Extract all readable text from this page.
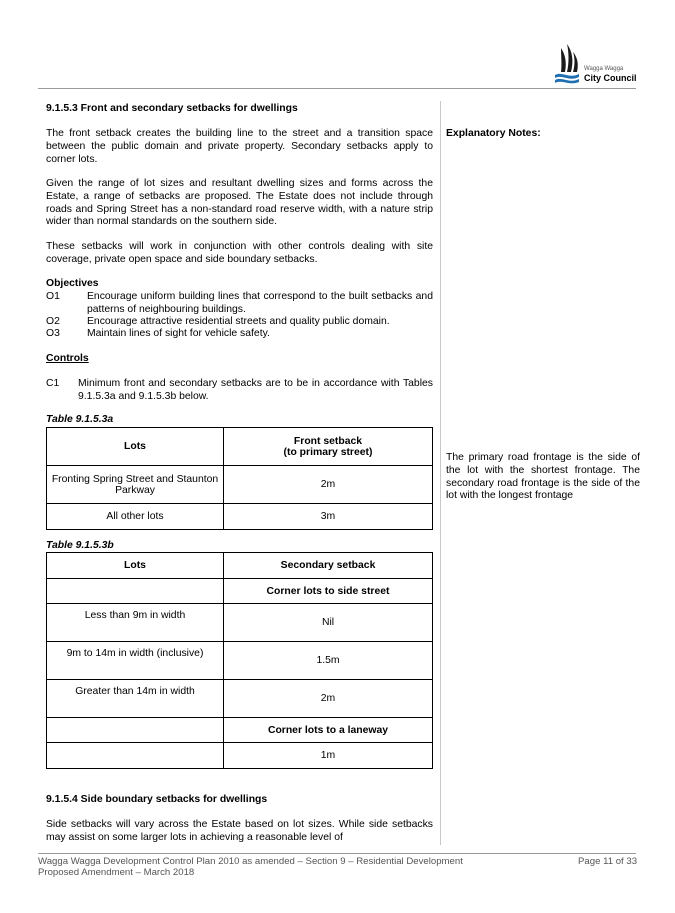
Wagga Wagga
City Council

9.1.5.3 Front and secondary setbacks for dwellings

The front setback creates the building line to the street and a transition space between the public domain and private property. Secondary setbacks apply to corner lots.

Given the range of lot sizes and resultant dwelling sizes and forms across the Estate, a range of setbacks are proposed. The Estate does not include through roads and Spring Street has a non-standard road reserve width, with a nature strip wider than normal standards on the southern side.

These setbacks will work in conjunction with other controls dealing with site coverage, private open space and side boundary setbacks.

Objectives

O1	Encourage uniform building lines that correspond to the built setbacks and patterns of neighbouring buildings.
O2	Encourage attractive residential streets and quality public domain.
O3	Maintain lines of sight for vehicle safety.

Controls

C1 Minimum front and secondary setbacks are to be in accordance with Tables 9.1.5.3a and 9.1.5.3b below.

Table 9.1.5.3a

Lots	Front setback
(to primary street)

Fronting Spring Street and Staunton Parkway	2m
All other lots	3m

Table 9.1.5.3b

Lots	Secondary setback
	Corner lots to side street
Less than 9m in width	Nil
9m to 14m in width (inclusive)	1.5m
Greater than 14m in width	2m
	Corner lots to a laneway
	1m

9.1.5.4 Side boundary setbacks for dwellings

Side setbacks will vary across the Estate based on lot sizes. While side setbacks may assist on some larger lots in achieving a reasonable level of

Explanatory Notes:

The primary road frontage is the side of the lot with the shortest frontage. The secondary road frontage is the side of the lot with the longest frontage

Wagga Wagga Development Control Plan 2010 as amended – Section 9 – Residential Development

Proposed Amendment – March 2018

Page 11 of 33
